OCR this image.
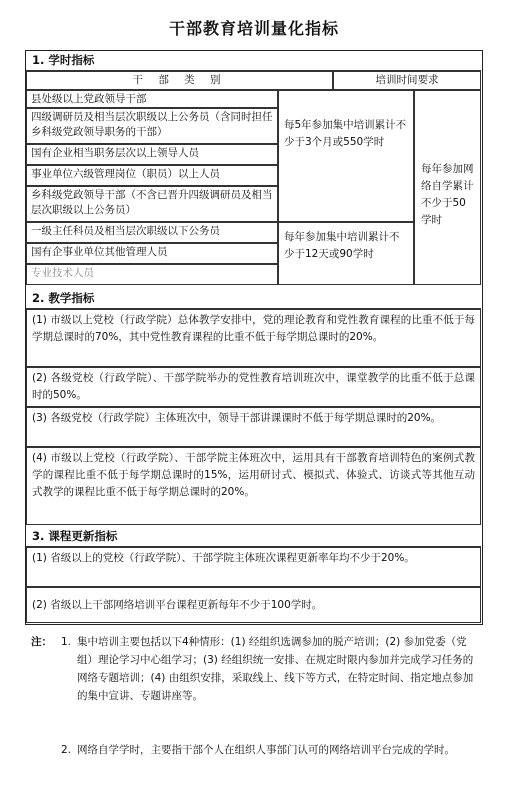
干部教育培训量化指标
1. 学时指标
干 部 类 别	培训时间要求
县处级以上党政领导干部
四级调研员及相当层次职级以上公务员（含同时担任乡科级党政领导职务的干部）
国有企业相当职务层次以上领导人员
事业单位六级管理岗位（职员）以上人员
乡科级党政领导干部（不含已晋升四级调研员及相当层次职级以上公务员）
一级主任科员及相当层次职级以下公务员
国有企事业单位其他管理人员
专业技术人员
每5年参加集中培训累计不少于3个月或550学时
每年参加集中培训累计不少于12天或90学时
每年参加网络自学累计不少于50学时
2. 教学指标
(1) 市级以上党校（行政学院）总体教学安排中，党的理论教育和党性教育课程的比重不低于每学期总课时的70%，其中党性教育课程的比重不低于每学期总课时的20%。
(2) 各级党校（行政学院）、干部学院举办的党性教育培训班次中，课堂教学的比重不低于总课时的50%。
(3) 各级党校（行政学院）主体班次中，领导干部讲课课时不低于每学期总课时的20%。
(4) 市级以上党校（行政学院）、干部学院主体班次中，运用具有干部教育培训特色的案例式教学的课程比重不低于每学期总课时的15%，运用研讨式、模拟式、体验式、访谈式等其他互动式教学的课程比重不低于每学期总课时的20%。
3. 课程更新指标
(1) 省级以上的党校（行政学院）、干部学院主体班次课程更新率年均不少于20%。
(2) 省级以上干部网络培训平台课程更新每年不少于100学时。
注： 1. 集中培训主要包括以下4种情形：(1) 经组织选调参加的脱产培训；(2) 参加党委（党组）理论学习中心组学习；(3) 经组织统一安排、在规定时限内参加并完成学习任务的网络专题培训；(4) 由组织安排，采取线上、线下等方式，在特定时间、指定地点参加的集中宣讲、专题讲座等。
2. 网络自学学时，主要指干部个人在组织人事部门认可的网络培训平台完成的学时。
